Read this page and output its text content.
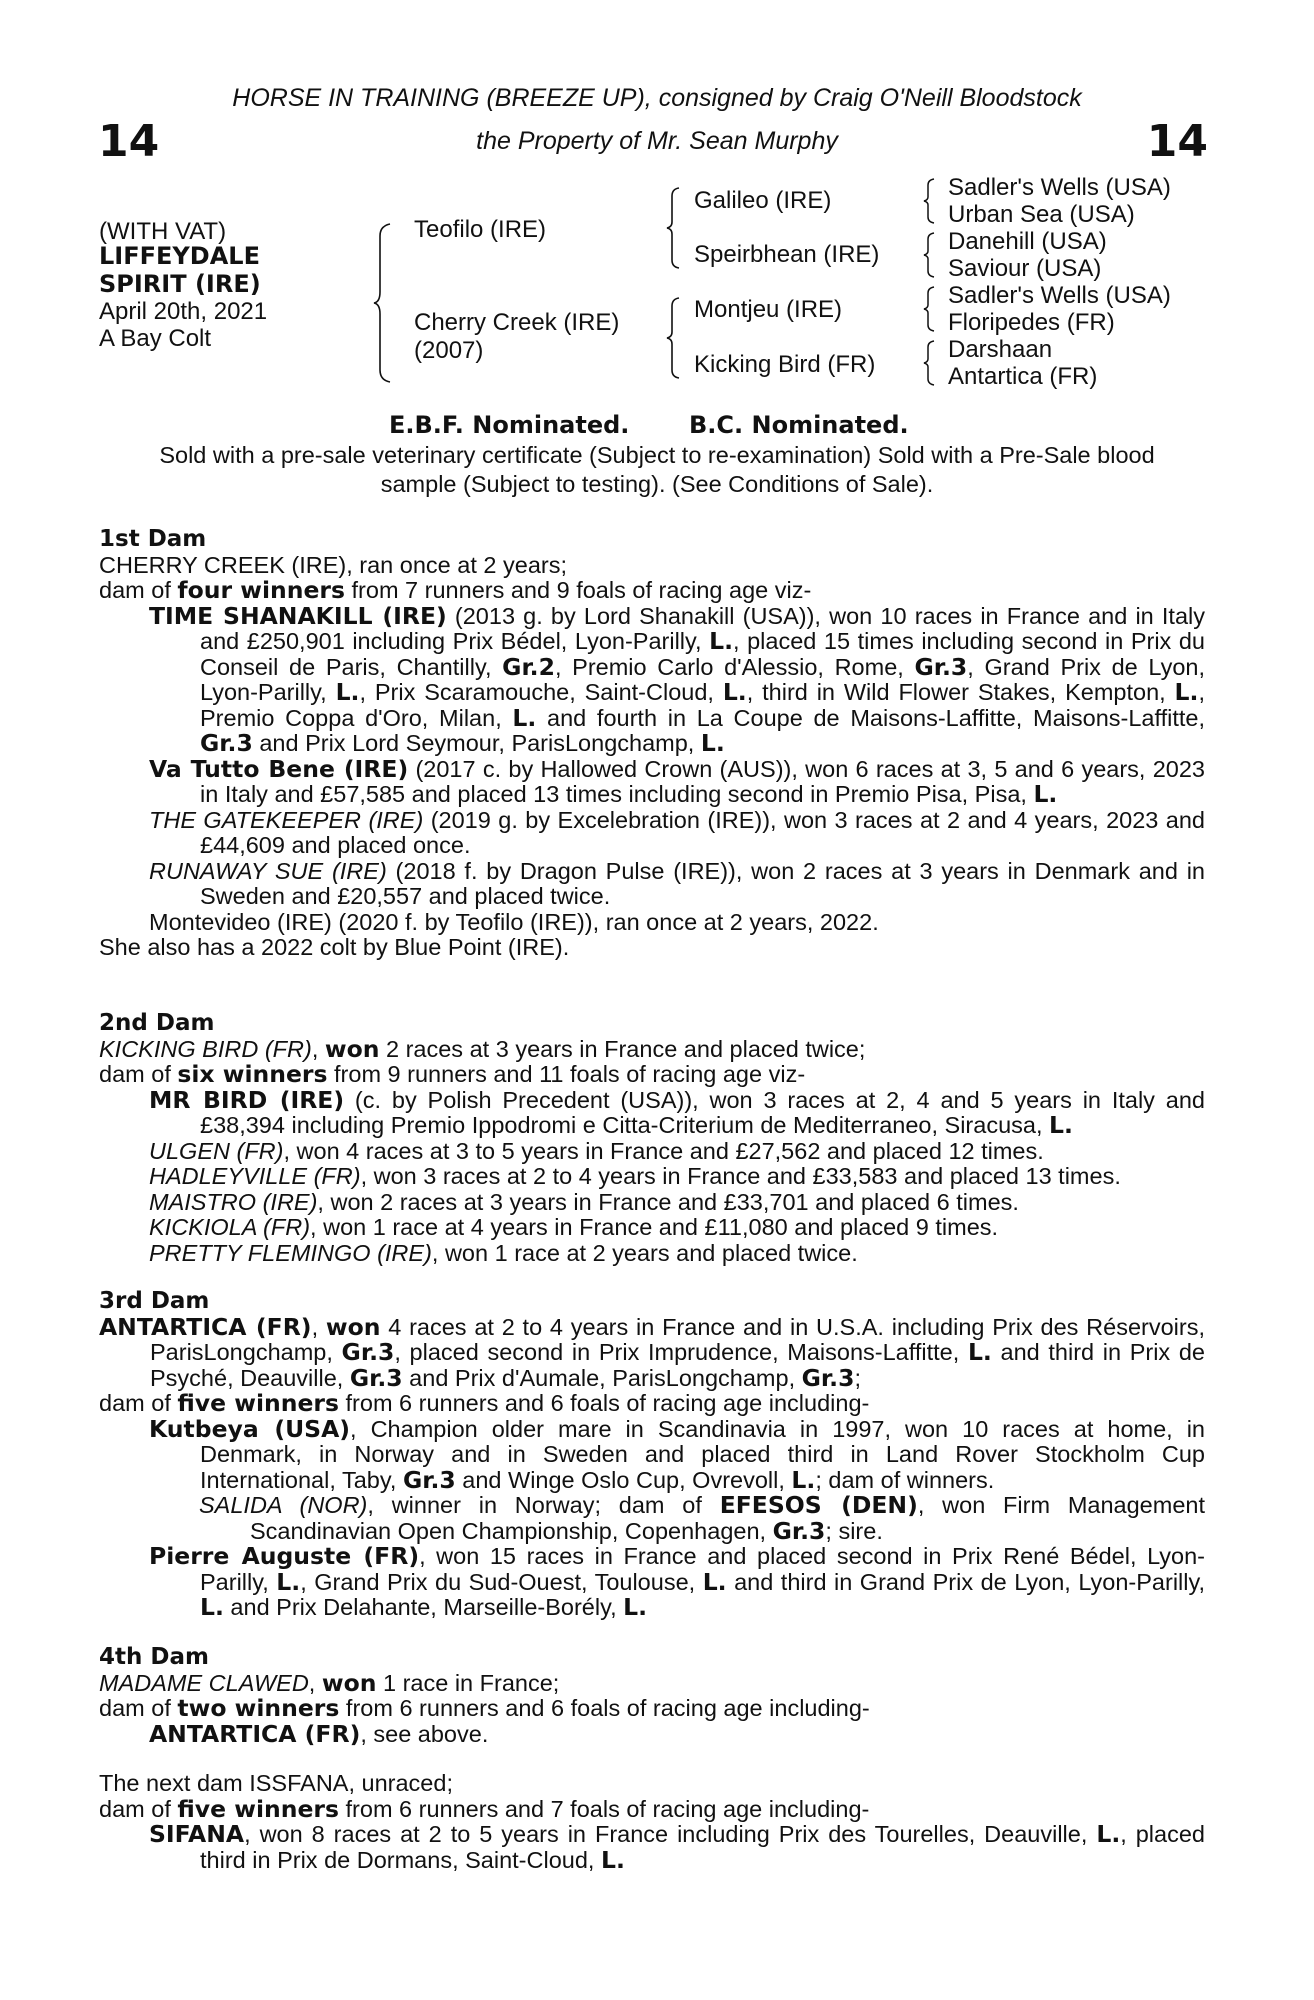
HORSE IN TRAINING (BREEZE UP), consigned by Craig O'Neill Bloodstock
the Property of Mr. Sean Murphy
14	14
(WITH VAT)
LIFFEYDALE
SPIRIT (IRE)
April 20th, 2021
A Bay Colt
Teofilo (IRE)
Cherry Creek (IRE)
(2007)
Galileo (IRE)
Speirbhean (IRE)
Montjeu (IRE)
Kicking Bird (FR)
Sadler's Wells (USA)
Urban Sea (USA)
Danehill (USA)
Saviour (USA)
Sadler's Wells (USA)
Floripedes (FR)
Darshaan
Antartica (FR)
E.B.F. Nominated. B.C. Nominated.
Sold with a pre-sale veterinary certificate (Subject to re-examination) Sold with a Pre-Sale blood
sample (Subject to testing). (See Conditions of Sale).
1st Dam
CHERRY CREEK (IRE), ran once at 2 years;
dam of four winners from 7 runners and 9 foals of racing age viz-
TIME SHANAKILL (IRE) (2013 g. by Lord Shanakill (USA)), won 10 races in France and in Italy and £250,901 including Prix Bédel, Lyon-Parilly, L., placed 15 times including second in Prix du Conseil de Paris, Chantilly, Gr.2, Premio Carlo d'Alessio, Rome, Gr.3, Grand Prix de Lyon, Lyon-Parilly, L., Prix Scaramouche, Saint-Cloud, L., third in Wild Flower Stakes, Kempton, L., Premio Coppa d'Oro, Milan, L. and fourth in La Coupe de Maisons-Laffitte, Maisons-Laffitte, Gr.3 and Prix Lord Seymour, ParisLongchamp, L.
Va Tutto Bene (IRE) (2017 c. by Hallowed Crown (AUS)), won 6 races at 3, 5 and 6 years, 2023 in Italy and £57,585 and placed 13 times including second in Premio Pisa, Pisa, L.
THE GATEKEEPER (IRE) (2019 g. by Excelebration (IRE)), won 3 races at 2 and 4 years, 2023 and £44,609 and placed once.
RUNAWAY SUE (IRE) (2018 f. by Dragon Pulse (IRE)), won 2 races at 3 years in Denmark and in Sweden and £20,557 and placed twice.
Montevideo (IRE) (2020 f. by Teofilo (IRE)), ran once at 2 years, 2022.
She also has a 2022 colt by Blue Point (IRE).
2nd Dam
KICKING BIRD (FR), won 2 races at 3 years in France and placed twice;
dam of six winners from 9 runners and 11 foals of racing age viz-
MR BIRD (IRE) (c. by Polish Precedent (USA)), won 3 races at 2, 4 and 5 years in Italy and £38,394 including Premio Ippodromi e Citta-Criterium de Mediterraneo, Siracusa, L.
ULGEN (FR), won 4 races at 3 to 5 years in France and £27,562 and placed 12 times.
HADLEYVILLE (FR), won 3 races at 2 to 4 years in France and £33,583 and placed 13 times.
MAISTRO (IRE), won 2 races at 3 years in France and £33,701 and placed 6 times.
KICKIOLA (FR), won 1 race at 4 years in France and £11,080 and placed 9 times.
PRETTY FLEMINGO (IRE), won 1 race at 2 years and placed twice.
3rd Dam
ANTARTICA (FR), won 4 races at 2 to 4 years in France and in U.S.A. including Prix des Réservoirs, ParisLongchamp, Gr.3, placed second in Prix Imprudence, Maisons-Laffitte, L. and third in Prix de Psyché, Deauville, Gr.3 and Prix d'Aumale, ParisLongchamp, Gr.3;
dam of five winners from 6 runners and 6 foals of racing age including-
Kutbeya (USA), Champion older mare in Scandinavia in 1997, won 10 races at home, in Denmark, in Norway and in Sweden and placed third in Land Rover Stockholm Cup International, Taby, Gr.3 and Winge Oslo Cup, Ovrevoll, L.; dam of winners.
SALIDA (NOR), winner in Norway; dam of EFESOS (DEN), won Firm Management Scandinavian Open Championship, Copenhagen, Gr.3; sire.
Pierre Auguste (FR), won 15 races in France and placed second in Prix René Bédel, Lyon-Parilly, L., Grand Prix du Sud-Ouest, Toulouse, L. and third in Grand Prix de Lyon, Lyon-Parilly, L. and Prix Delahante, Marseille-Borély, L.
4th Dam
MADAME CLAWED, won 1 race in France;
dam of two winners from 6 runners and 6 foals of racing age including-
ANTARTICA (FR), see above.
The next dam ISSFANA, unraced;
dam of five winners from 6 runners and 7 foals of racing age including-
SIFANA, won 8 races at 2 to 5 years in France including Prix des Tourelles, Deauville, L., placed third in Prix de Dormans, Saint-Cloud, L.
